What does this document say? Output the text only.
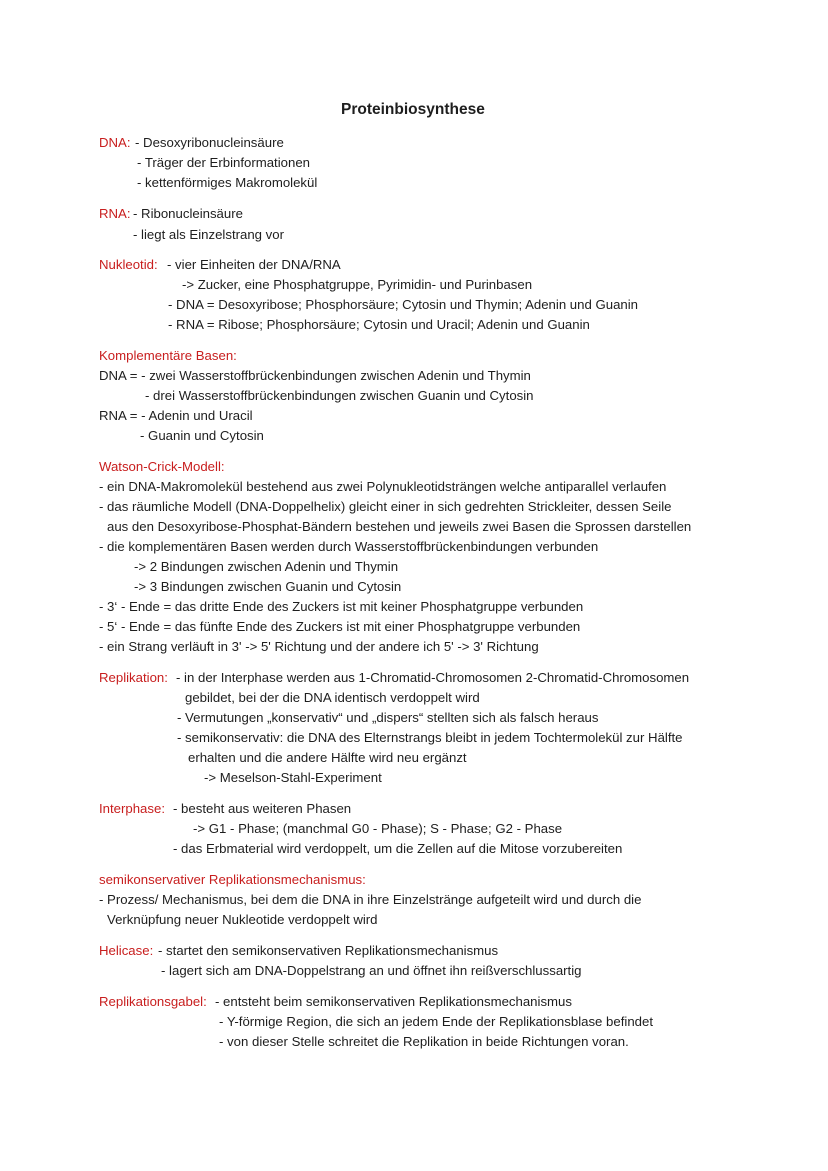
Proteinbiosynthese
DNA: - Desoxyribonucleinsäure
- Träger der Erbinformationen
- kettenförmiges Makromolekül
RNA: - Ribonucleinsäure
- liegt als Einzelstrang vor
Nukleotid: - vier Einheiten der DNA/RNA
-> Zucker, eine Phosphatgruppe, Pyrimidin- und Purinbasen
- DNA = Desoxyribose; Phosphorsäure; Cytosin und Thymin; Adenin und Guanin
- RNA = Ribose; Phosphorsäure; Cytosin und Uracil; Adenin und Guanin
Komplementäre Basen:
DNA = - zwei Wasserstoffbrückenbindungen zwischen Adenin und Thymin
- drei Wasserstoffbrückenbindungen zwischen Guanin und Cytosin
RNA = - Adenin und Uracil
- Guanin und Cytosin
Watson-Crick-Modell:
- ein DNA-Makromolekül bestehend aus zwei Polynukleotidsträngen welche antiparallel verlaufen
- das räumliche Modell (DNA-Doppelhelix) gleicht einer in sich gedrehten Strickleiter, dessen Seile
aus den Desoxyribose-Phosphat-Bändern bestehen und jeweils zwei Basen die Sprossen darstellen
- die komplementären Basen werden durch Wasserstoffbrückenbindungen verbunden
-> 2 Bindungen zwischen Adenin und Thymin
-> 3 Bindungen zwischen Guanin und Cytosin
- 3‘ - Ende = das dritte Ende des Zuckers ist mit keiner Phosphatgruppe verbunden
- 5‘ - Ende = das fünfte Ende des Zuckers ist mit einer Phosphatgruppe verbunden
- ein Strang verläuft in 3' -> 5' Richtung und der andere ich 5' -> 3' Richtung
Replikation: - in der Interphase werden aus 1-Chromatid-Chromosomen 2-Chromatid-Chromosomen
gebildet, bei der die DNA identisch verdoppelt wird
- Vermutungen „konservativ“ und „dispers“ stellten sich als falsch heraus
- semikonservativ: die DNA des Elternstrangs bleibt in jedem Tochtermolekül zur Hälfte
erhalten und die andere Hälfte wird neu ergänzt
-> Meselson-Stahl-Experiment
Interphase: - besteht aus weiteren Phasen
-> G1 - Phase; (manchmal G0 - Phase); S - Phase; G2 - Phase
- das Erbmaterial wird verdoppelt, um die Zellen auf die Mitose vorzubereiten
semikonservativer Replikationsmechanismus:
- Prozess/ Mechanismus, bei dem die DNA in ihre Einzelstränge aufgeteilt wird und durch die
Verknüpfung neuer Nukleotide verdoppelt wird
Helicase: - startet den semikonservativen Replikationsmechanismus
- lagert sich am DNA-Doppelstrang an und öffnet ihn reißverschlussartig
Replikationsgabel: - entsteht beim semikonservativen Replikationsmechanismus
- Y-förmige Region, die sich an jedem Ende der Replikationsblase befindet
- von dieser Stelle schreitet die Replikation in beide Richtungen voran.
